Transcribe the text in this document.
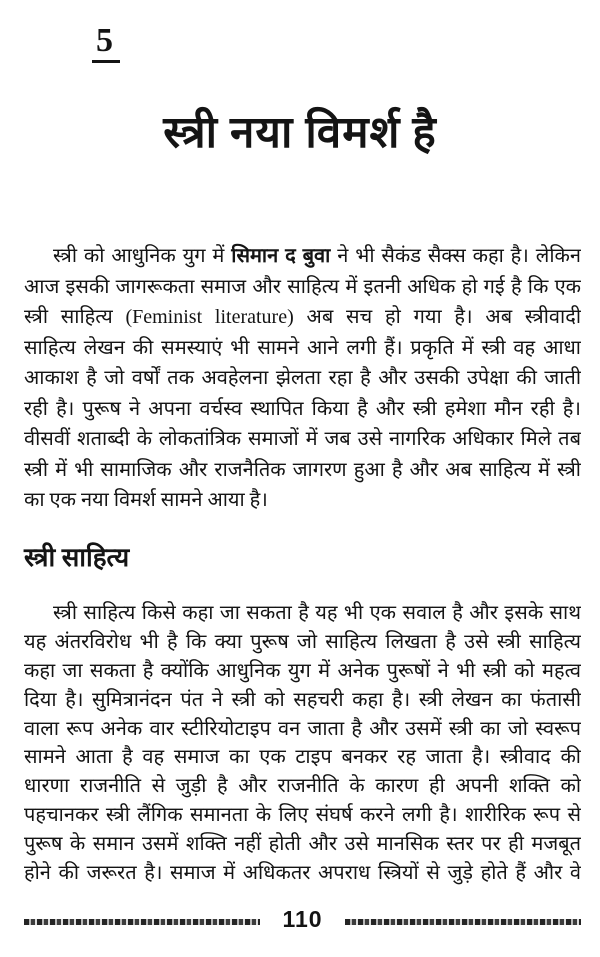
5
स्त्री नया विमर्श है
स्त्री को आधुनिक युग में सिमान द बुवा ने भी सैकंड सैक्स कहा है। लेकिन
आज इसकी जागरूकता समाज और साहित्य में इतनी अधिक हो गई है कि एक
स्त्री साहित्य (Feminist literature) अब सच हो गया है। अब स्त्रीवादी
साहित्य लेखन की समस्याएं भी सामने आने लगी हैं। प्रकृति में स्त्री वह आधा
आकाश है जो वर्षों तक अवहेलना झेलता रहा है और उसकी उपेक्षा की जाती
रही है। पुरूष ने अपना वर्चस्व स्थापित किया है और स्त्री हमेशा मौन रही है।
वीसवीं शताब्दी के लोकतांत्रिक समाजों में जब उसे नागरिक अधिकार मिले तब
स्त्री में भी सामाजिक और राजनैतिक जागरण हुआ है और अब साहित्य में स्त्री
का एक नया विमर्श सामने आया है।
स्त्री साहित्य
स्त्री साहित्य किसे कहा जा सकता है यह भी एक सवाल है और इसके साथ
यह अंतरविरोध भी है कि क्या पुरूष जो साहित्य लिखता है उसे स्त्री साहित्य
कहा जा सकता है क्योंकि आधुनिक युग में अनेक पुरूषों ने भी स्त्री को महत्व
दिया है। सुमित्रानंदन पंत ने स्त्री को सहचरी कहा है। स्त्री लेखन का फंतासी
वाला रूप अनेक वार स्टीरियोटाइप वन जाता है और उसमें स्त्री का जो स्वरूप
सामने आता है वह समाज का एक टाइप बनकर रह जाता है। स्त्रीवाद की
धारणा राजनीति से जुड़ी है और राजनीति के कारण ही अपनी शक्ति को
पहचानकर स्त्री लैंगिक समानता के लिए संघर्ष करने लगी है। शारीरिक रूप से
पुरूष के समान उसमें शक्ति नहीं होती और उसे मानसिक स्तर पर ही मजबूत
होने की जरूरत है। समाज में अधिकतर अपराध स्त्रियों से जुड़े होते हैं और वे
110
